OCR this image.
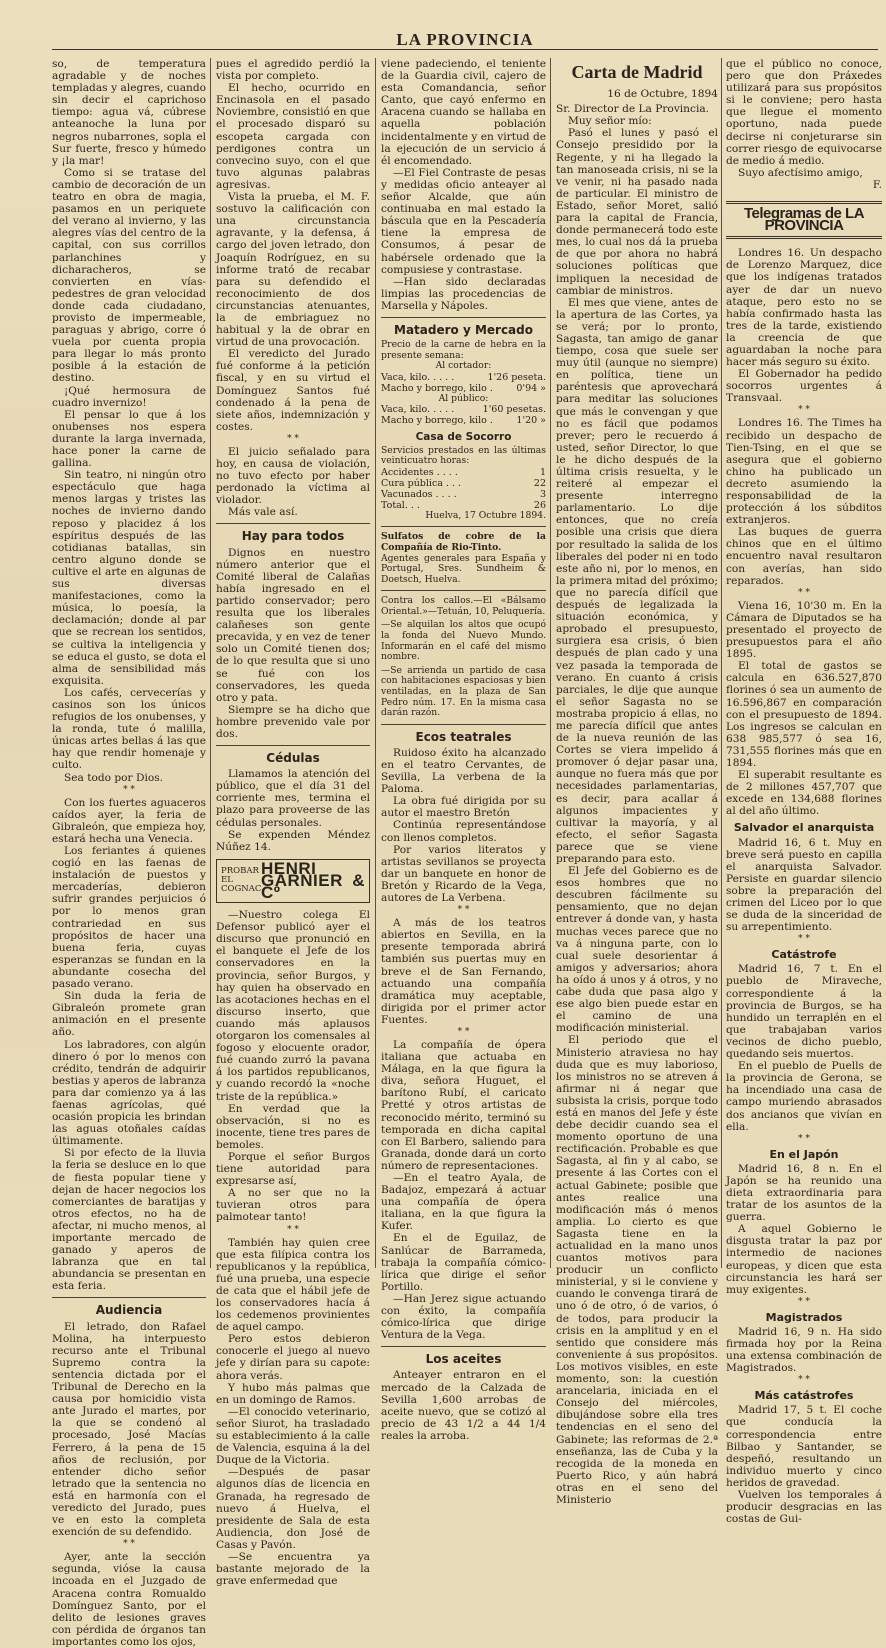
LA PROVINCIA

so, de temperatura agradable y de noches templadas y alegres, cuando sin decir el caprichoso tiempo: agua vá, cúbrese anteanoche la luna por negros nubarrones, sopla el Sur fuerte, fresco y húmedo y ¡la mar!

Como si se tratase del cambio de decoración de un teatro en obra de magia, pasamos en un periquete del verano al invierno, y las alegres vías del centro de la capital, con sus corrillos parlanchines y dicharacheros, se convierten en vías-pedestres de gran velocidad donde cada ciudadano, provisto de impermeable, paraguas y abrigo, corre ó vuela por cuenta propia para llegar lo más pronto posible á la estación de destino.

¡Qué hermosura de cuadro invernizo!

El pensar lo que á los onubenses nos espera durante la larga invernada, hace poner la carne de gallina.

Sin teatro, ni ningún otro espectáculo que haga menos largas y tristes las noches de invierno dando reposo y placidez á los espíritus después de las cotidianas batallas, sin centro alguno donde se cultive el arte en algunas de sus diversas manifestaciones, como la música, lo poesía, la declamación; donde al par que se recrean los sentidos, se cultiva la inteligencia y se educa el gusto, se dota el alma de sensibilidad más exquisita.

Los cafés, cervecerías y casinos son los únicos refugios de los onubenses, y la ronda, tute ó malilla, únicas artes bellas á las que hay que rendir homenaje y culto.

Sea todo por Dios.

* *

Con los fuertes aguaceros caídos ayer, la feria de Gibraleón, que empieza hoy, estará hecha una Venecia.

Los feriantes á quienes cogió en las faenas de instalación de puestos y mercaderías, debieron sufrir grandes perjuicios ó por lo menos gran contrariedad en sus propósitos de hacer una buena feria, cuyas esperanzas se fundan en la abundante cosecha del pasado verano.

Sin duda la feria de Gibraleón promete gran animación en el presente año.

Los labradores, con algún dinero ó por lo menos con crédito, tendrán de adquirir bestias y aperos de labranza para dar comienzo ya á las faenas agrícolas, qué ocasión propicia les brindan las aguas otoñales caídas últimamente.

Si por efecto de la lluvia la feria se desluce en lo que de fiesta popular tiene y dejan de hacer negocios los comerciantes de baratijas y otros efectos, no ha de afectar, ni mucho menos, al importante mercado de ganado y aperos de labranza que en tal abundancia se presentan en esta feria.

Audiencia

El letrado, don Rafael Molina, ha interpuesto recurso ante el Tribunal Supremo contra la sentencia dictada por el Tribunal de Derecho en la causa por homicidio vista ante Jurado el martes, por la que se condenó al procesado, José Macías Ferrero, á la pena de 15 años de reclusión, por entender dicho señor letrado que la sentencia no está en harmonía con el veredicto del Jurado, pues ve en esto la completa exención de su defendido.

* *

Ayer, ante la sección segunda, vióse la causa incoada en el Juzgado de Aracena contra Romualdo Domínguez Santo, por el delito de lesiones graves con pérdida de órganos tan importantes como los ojos,

pues el agredido perdió la vista por completo.

El hecho, ocurrido en Encinasola en el pasado Noviembre, consistió en que el procesado disparó su escopeta cargada con perdigones contra un convecino suyo, con el que tuvo algunas palabras agresivas.

Vista la prueba, el M. F. sostuvo la calificación con una circunstancia agravante, y la defensa, á cargo del joven letrado, don Joaquín Rodríguez, en su informe trató de recabar para su defendido el reconocimiento de dos circunstancias atenuantes, la de embriaguez no habitual y la de obrar en virtud de una provocación.

El veredicto del Jurado fué conforme á la petición fiscal, y en su virtud el Domínguez Santos fué condenado á la pena de siete años, indemnización y costes.

* *

El juicio señalado para hoy, en causa de violación, no tuvo efecto por haber perdonado la víctima al violador.

Más vale así.

Hay para todos

Dignos en nuestro número anterior que el Comité liberal de Calañas había ingresado en el partido conservador; pero resulta que los liberales calañeses son gente precavida, y en vez de tener solo un Comité tienen dos; de lo que resulta que si uno se fué con los conservadores, les queda otro y pata.

Siempre se ha dicho que hombre prevenido vale por dos.

Cédulas

Llamamos la atención del público, que el día 31 del corriente mes, termina el plazo para proveerse de las cédulas personales.

Se expenden Méndez Núñez 14.

PROBAR EL COGNAC
HENRI GARNIER & Cº

—Nuestro colega El Defensor publicó ayer el discurso que pronunció en el banquete el Jefe de los conservadores en la provincia, señor Burgos, y hay quien ha observado en las acotaciones hechas en el discurso inserto, que cuando más aplausos otorgaron los comensales al fogoso y elocuente orador, fué cuando zurró la pavana á los partidos republicanos, y cuando recordó la «noche triste de la república.»

En verdad que la observación, si no es inocente, tiene tres pares de bemoles.

Porque el señor Burgos tiene autoridad para expresarse así,

A no ser que no la tuvieran otros para palmotear tanto!

* *

También hay quien cree que esta filípica contra los republicanos y la república, fué una prueba, una especie de cata que el hábil jefe de los conservadores hacía á los cedemenos provinientes de aquel campo.

Pero estos debieron conocerle el juego al nuevo jefe y dirían para su capote: ahora verás.

Y hubo más palmas que en un domingo de Ramos.

—El conocido veterinario, señor Siurot, ha trasladado su establecimiento á la calle de Valencia, esquina á la del Duque de la Victoria.

—Después de pasar algunos días de licencia en Granada, ha regresado de nuevo á Huelva, el presidente de Sala de esta Audiencia, don José de Casas y Pavón.

—Se encuentra ya bastante mejorado de la grave enfermedad que

viene padeciendo, el teniente de la Guardia civil, cajero de esta Comandancia, señor Canto, que cayó enfermo en Aracena cuando se hallaba en aquella población incidentalmente y en virtud de la ejecución de un servicio á él encomendado.

—El Fiel Contraste de pesas y medidas oficio anteayer al señor Alcalde, que aún continuaba en mal estado la báscula que en la Pescadería tiene la empresa de Consumos, á pesar de habérsele ordenado que la compusiese y contrastase.

—Han sido declaradas limpias las procedencias de Marsella y Nápoles.

Matadero y Mercado
Precio de la carne de hebra en la presente semana:
Al cortador:
Vaca, kilo. . . . .	1'26 peseta.
Macho y borrego, kilo . 0'94 »
Al público:
Vaca, kilo. . . . .	1'60 pesetas.
Macho y borrego, kilo . 1'20 »
Casa de Socorro
Servicios prestados en las últimas veinticuatro horas:
Accidentes . . . .	1
Cura pública . . .	22
Vacunados . . . .	3
Total. . .	26
Huelva, 17 Octubre 1894.
Sulfatos de cobre de la Compañía de Rio-Tinto.
Agentes generales para España y Portugal, Sres. Sundheim & Doetsch, Huelva.
Contra los callos.—El «Bálsamo Oriental.»—Tetuán, 10, Peluquería.
—Se alquilan los altos que ocupó la fonda del Nuevo Mundo. Informarán en el café del mismo nombre.
—Se arrienda un partido de casa con habitaciones espaciosas y bien ventiladas, en la plaza de San Pedro núm. 17. En la misma casa darán razón.
Ecos teatrales

Ruidoso éxito ha alcanzado en el teatro Cervantes, de Sevilla, La verbena de la Paloma.

La obra fué dirigida por su autor el maestro Bretón

Continúa representándose con llenos completos.

Por varios literatos y artistas sevillanos se proyecta dar un banquete en honor de Bretón y Ricardo de la Vega, autores de La Verbena.

* *

A más de los teatros abiertos en Sevilla, en la presente temporada abrirá también sus puertas muy en breve el de San Fernando, actuando una compañía dramática muy aceptable, dirigida por el primer actor Fuentes.

* *

La compañía de ópera italiana que actuaba en Málaga, en la que figura la diva, señora Huguet, el barítono Rubí, el caricato Pretté y otros artistas de reconocido mérito, terminó su temporada en dicha capital con El Barbero, saliendo para Granada, donde dará un corto número de representaciones.

—En el teatro Ayala, de Badajoz, empezará á actuar una compañía de ópera italiana, en la que figura la Kufer.

En el de Eguilaz, de Sanlúcar de Barrameda, trabaja la compañía cómico-lírica que dirige el señor Portillo.

—Han Jerez sigue actuando con éxito, la compañía cómico-lírica que dirige Ventura de la Vega.

Los aceites

Anteayer entraron en el mercado de la Calzada de Sevilla 1,600 arrobas de aceite nuevo, que se cotizó al precio de 43 1/2 a 44 1/4 reales la arroba.

Carta de Madrid
16 de Octubre, 1894

Sr. Director de La Provincia.

Muy señor mío:

Pasó el lunes y pasó el Consejo presidido por la Regente, y ni ha llegado la tan manoseada crisis, ni se la ve venir, ni ha pasado nada de particular. El ministro de Estado, señor Moret, salió para la capital de Francia, donde permanecerá todo este mes, lo cual nos dá la prueba de que por ahora no habrá soluciones políticas que impliquen la necesidad de cambiar de ministros.

El mes que viene, antes de la apertura de las Cortes, ya se verá; por lo pronto, Sagasta, tan amigo de ganar tiempo, cosa que suele ser muy útil (aunque no siempre) en política, tiene un paréntesis que aprovechará para meditar las soluciones que más le convengan y que no es fácil que podamos prever; pero le recuerdo á usted, señor Director, lo que le he dicho después de la última crisis resuelta, y le reiteré al empezar el presente interregno parlamentario. Lo dije entonces, que no creía posible una crisis que diera por resultado la salida de los liberales del poder ni en todo este año ni, por lo menos, en la primera mitad del próximo; que no parecía difícil que después de legalizada la situación económica, y aprobado el presupuesto, surgiera esa crisis, ó bien después de plan cado y una vez pasada la temporada de verano. En cuanto á crisis parciales, le dije que aunque el señor Sagasta no se mostraba propicio á ellas, no me parecía difícil que antes de la nueva reunión de las Cortes se viera impelido á promover ó dejar pasar una, aunque no fuera más que por necesidades parlamentarias, es decir, para acallar á algunos impacientes y cultivar la mayoría, y al efecto, el señor Sagasta parece que se viene preparando para esto.

El Jefe del Gobierno es de esos hombres que no descubren fácilmente su pensamiento, que no dejan entrever á donde van, y hasta muchas veces parece que no va á ninguna parte, con lo cual suele desorientar á amigos y adversarios; ahora ha oído á unos y á otros, y no cabe duda que pasa algo y ese algo bien puede estar en el camino de una modificación ministerial.

El periodo que el Ministerio atraviesa no hay duda que es muy laborioso, los ministros no se atreven á afirmar ni á negar que subsista la crisis, porque todo está en manos del Jefe y éste debe decidir cuando sea el momento oportuno de una rectificación. Probable es que Sagasta, al fin y al cabo, se presente á las Cortes con el actual Gabinete; posible que antes realice una modificación más ó menos amplia. Lo cierto es que Sagasta tiene en la actualidad en la mano unos cuantos motivos para producir un conflicto ministerial, y si le conviene y cuando le convenga tirará de uno ó de otro, ó de varios, ó de todos, para producir la crisis en la amplitud y en el sentido que considere más conveniente á sus propósitos. Los motivos visibles, en este momento, son: la cuestión arancelaria, iniciada en el Consejo del miércoles, dibujándose sobre ella tres tendencias en el seno del Gabinete; las reformas de 2.ª enseñanza, las de Cuba y la recogida de la moneda en Puerto Rico, y aún habrá otras en el seno del Ministerio

que el público no conoce, pero que don Práxedes utilizará para sus propósitos si le conviene; pero hasta que llegue el momento oportuno, nada puede decirse ni conjeturarse sin correr riesgo de equivocarse de medio á medio.

Suyo afectísimo amigo,

F.
Telegramas de LA PROVINCIA

Londres 16. Un despacho de Lorenzo Marquez, dice que los indígenas tratados ayer de dar un nuevo ataque, pero esto no se había confirmado hasta las tres de la tarde, existiendo la creencia de que aguardaban la noche para hacer más seguro su éxito.

El Gobernador ha pedido socorros urgentes á Transvaal.

* *

Londres 16. The Times ha recibido un despacho de Tien-Tsing, en el que se asegura que el gobierno chino ha publicado un decreto asumiendo la responsabilidad de la protección á los súbditos extranjeros.

Las buques de guerra chinos que en el último encuentro naval resultaron con averías, han sido reparados.

* *

Viena 16, 10'30 m. En la Cámara de Diputados se ha presentado el proyecto de presupuestos para el año 1895.

El total de gastos se calcula en 636.527,870 florines ó sea un aumento de 16.596,867 en comparación con el presupuesto de 1894. Los ingresos se calculan en 638 985,577 ó sea 16, 731,555 florines más que en 1894.

El superabit resultante es de 2 millones 457,707 que excede en 134,688 florines al del año último.

Salvador el anarquista

Madrid 16, 6 t. Muy en breve será puesto en capilla el anarquista Salvador. Persiste en guardar silencio sobre la preparación del crimen del Liceo por lo que se duda de la sinceridad de su arrepentimiento.

* *
Catástrofe

Madrid 16, 7 t. En el pueblo de Miraveche, correspondiente á la provincia de Burgos, se ha hundido un terraplén en el que trabajaban varios vecinos de dicho pueblo, quedando seis muertos.

En el pueblo de Puells de la provincia de Gerona, se ha incendiado una casa de campo muriendo abrasados dos ancianos que vivían en ella.

* *
En el Japón

Madrid 16, 8 n. En el Japón se ha reunido una dieta extraordinaria para tratar de los asuntos de la guerra.

A aquel Gobierno le disgusta tratar la paz por intermedio de naciones europeas, y dicen que esta circunstancia les hará ser muy exigentes.

* *
Magistrados

Madrid 16, 9 n. Ha sido firmada hoy por la Reina una extensa combinación de Magistrados.

* *
Más catástrofes

Madrid 17, 5 t. El coche que conducía la correspondencia entre Bilbao y Santander, se despeñó, resultando un individuo muerto y cinco heridos de gravedad.

Vuelven los temporales á producir desgracias en las costas de Gui-
